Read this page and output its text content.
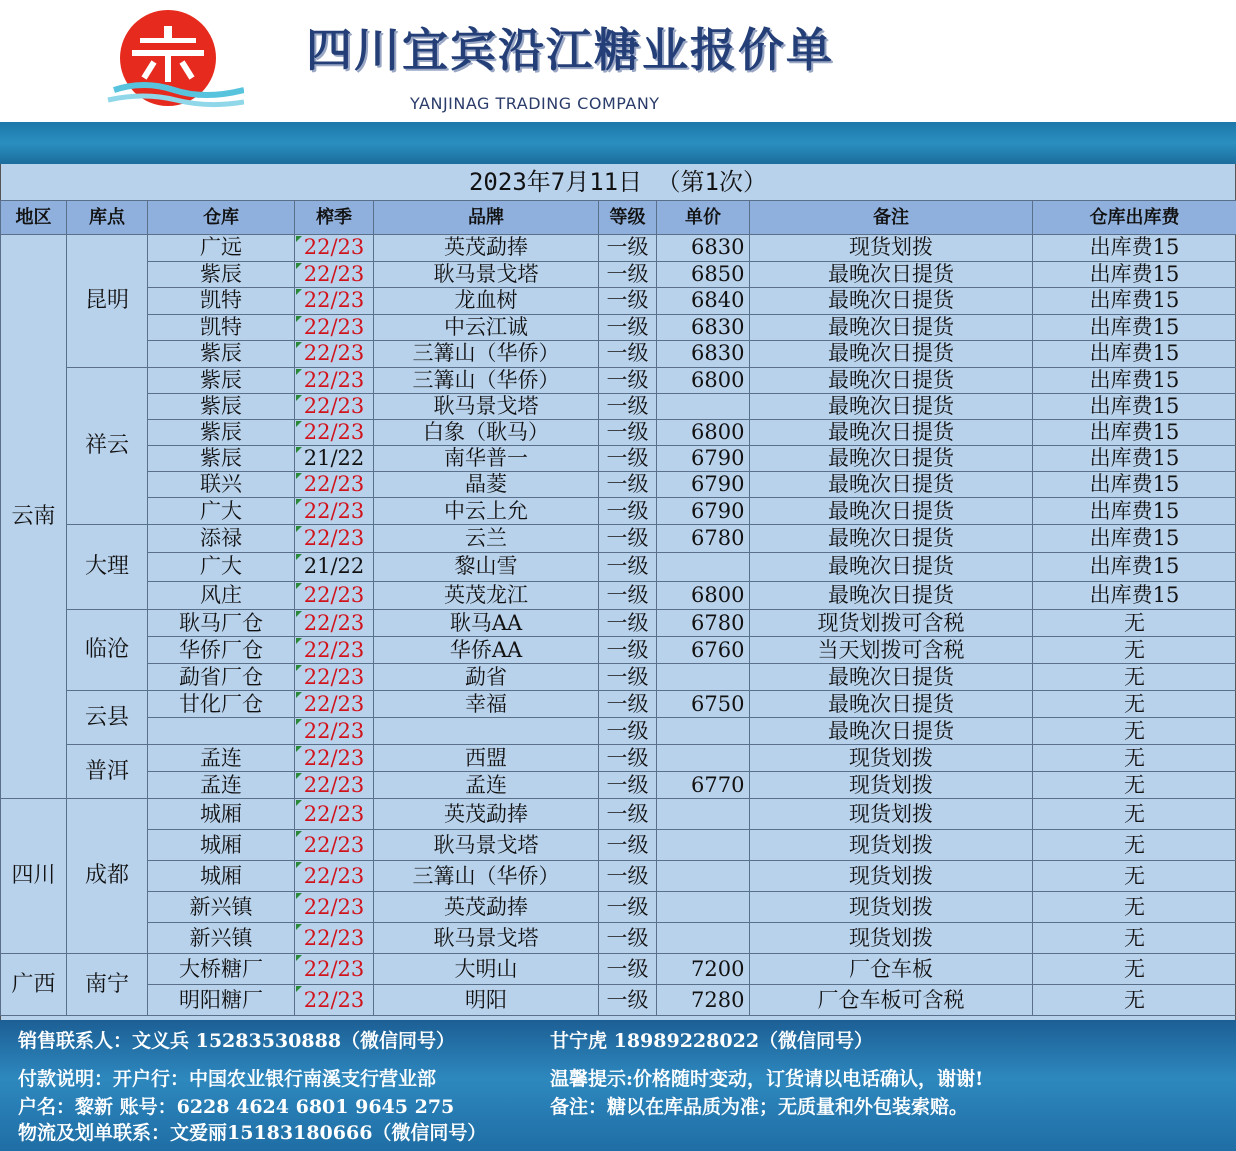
四川宜宾沿江糖业报价单
YANJINAG TRADING COMPANY
2023年7月11日 （第1次）
地区	库点	仓库	榨季	品牌	等级	单价	备注	仓库出库费
云南	昆明	广远	22/23	英茂勐捧	一级	6830	现货划拨	出库费15
		紫辰	22/23	耿马景戈塔	一级	6850	最晚次日提货	出库费15
		凯特	22/23	龙血树	一级	6840	最晚次日提货	出库费15
		凯特	22/23	中云江诚	一级	6830	最晚次日提货	出库费15
		紫辰	22/23	三篝山（华侨）	一级	6830	最晚次日提货	出库费15
	祥云	紫辰	22/23	三篝山（华侨）	一级	6800	最晚次日提货	出库费15
		紫辰	22/23	耿马景戈塔	一级		最晚次日提货	出库费15
		紫辰	22/23	白象（耿马）	一级	6800	最晚次日提货	出库费15
		紫辰	21/22	南华普一	一级	6790	最晚次日提货	出库费15
		联兴	22/23	晶菱	一级	6790	最晚次日提货	出库费15
		广大	22/23	中云上允	一级	6790	最晚次日提货	出库费15
	大理	添禄	22/23	云兰	一级	6780	最晚次日提货	出库费15
		广大	21/22	黎山雪	一级		最晚次日提货	出库费15
		风庄	22/23	英茂龙江	一级	6800	最晚次日提货	出库费15
	临沧	耿马厂仓	22/23	耿马AA	一级	6780	现货划拨可含税	无
		华侨厂仓	22/23	华侨AA	一级	6760	当天划拨可含税	无
		勐省厂仓	22/23	勐省	一级		最晚次日提货	无
	云县	甘化厂仓	22/23	幸福	一级	6750	最晚次日提货	无
			22/23		一级		最晚次日提货	无
	普洱	孟连	22/23	西盟	一级		现货划拨	无
		孟连	22/23	孟连	一级	6770	现货划拨	无
四川	成都	城厢	22/23	英茂勐捧	一级		现货划拨	无
		城厢	22/23	耿马景戈塔	一级		现货划拨	无
		城厢	22/23	三篝山（华侨）	一级		现货划拨	无
		新兴镇	22/23	英茂勐捧	一级		现货划拨	无
		新兴镇	22/23	耿马景戈塔	一级		现货划拨	无
广西	南宁	大桥糖厂	22/23	大明山	一级	7200	厂仓车板	无
		明阳糖厂	22/23	明阳	一级	7280	厂仓车板可含税	无
销售联系人：文义兵 15283530888（微信同号）	甘宁虎 18989228022（微信同号）
付款说明：开户行：中国农业银行南溪支行营业部	温馨提示:价格随时变动，订货请以电话确认，谢谢!
户名：黎新 账号：6228 4624 6801 9645 275	备注：糖以在库品质为准；无质量和外包装索赔。
物流及划单联系：文爱丽15183180666（微信同号）
